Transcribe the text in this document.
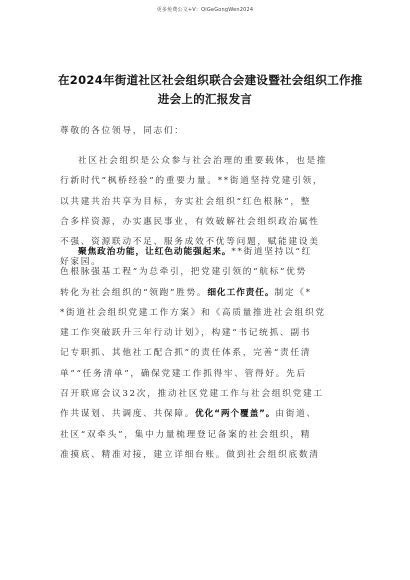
更多免费公文+V：QiGeGongWen2024
在2024年街道社区社会组织联合会建设暨社会组织工作推
进会上的汇报发言
尊敬的各位领导，同志们：
社区社会组织是公众参与社会治理的重要载体，也是推
行新时代“枫桥经验”的重要力量。**街道坚持党建引领，
以共建共治共享为目标，夯实社会组织“红色根脉”，整
合多样资源，办实惠民事业，有效破解社会组织政治属性
不强、资源联动不足、服务成效不优等问题，赋能建设美
好家园。
聚焦政治功能，让红色动能强起来。**街道坚持以“红
色根脉强基工程”为总牵引，把党建引领的“航标”优势
转化为社会组织的“领跑”胜势。细化工作责任。制定《*
*街道社会组织党建工作方案》和《高质量推进社会组织党
建工作突破跃升三年行动计划》，构建“书记统抓、副书
记专职抓、其他社工配合抓”的责任体系，完善“责任清
单”“任务清单”，确保党建工作抓得牢、管得好。先后
召开联席会议32次，推动社区党建工作与社会组织党建工
作共谋划、共调度、共保障。优化“两个覆盖”。由街道、
社区“双牵头”，集中力量梳理登记备案的社会组织，精
准摸底、精准对接，建立详细台账。做到社会组织底数清
